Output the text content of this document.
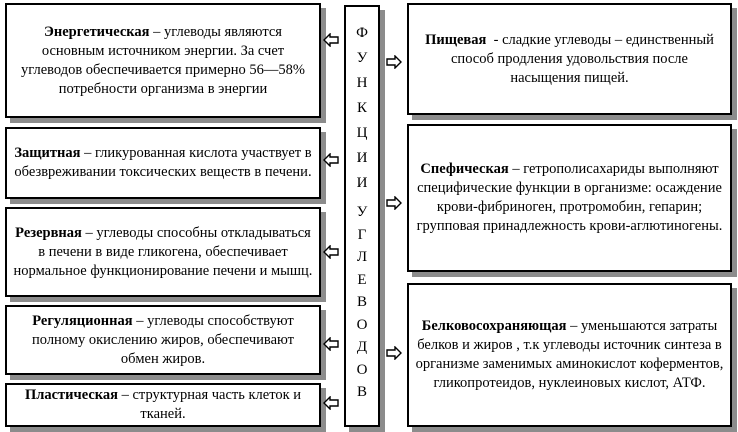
Ф
У
Н
К
Ц
И
И
У
Г
Л
Е
В
О
Д
О
В
Энергетическая – углеводы являются основным источником энергии. За счет углеводов обеспечивается примерно 56—58% потребности организма в энергии
Защитная – гликурованная кислота участвует в обезвреживании токсических веществ в печени.
Резервная – углеводы способны откладываться в печени в виде гликогена, обеспечивает нормальное функционирование печени и мышц.
Регуляционная – углеводы способствуют полному окислению жиров, обеспечивают обмен жиров.
Пластическая – структурная часть клеток и тканей.
Пищевая  - сладкие углеводы – единственный способ продления удовольствия после насыщения пищей.
Спефическая – гетрополисахариды выполняют специфические функции в организме: осаждение крови-фибриноген, протромобин, гепарин; групповая принадлежность крови-аглютиногены.
Белковосохраняющая – уменьшаются затраты белков и жиров , т.к углеводы источник синтеза в организме заменимых аминокислот коферментов, гликопротеидов, нуклеиновых кислот, АТФ.
